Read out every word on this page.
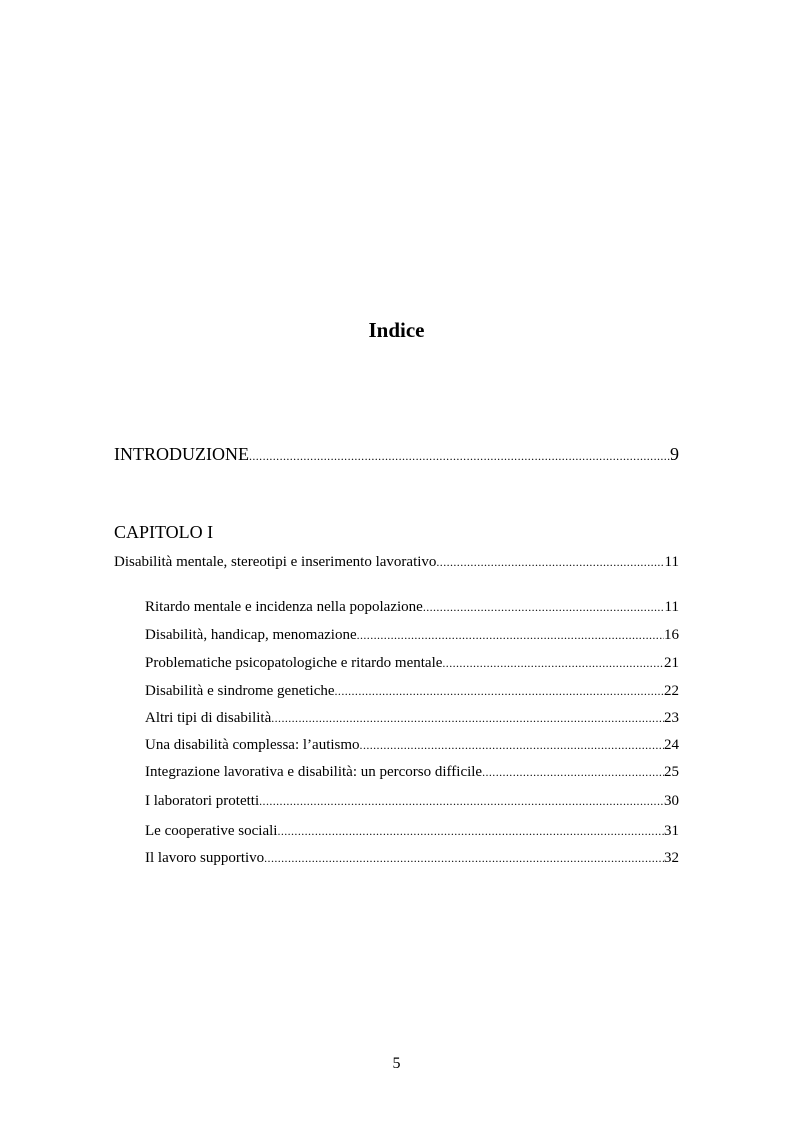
Indice
INTRODUZIONE .....	9
CAPITOLO I
Disabilità mentale, stereotipi e inserimento lavorativo .....	11
Ritardo mentale e incidenza nella popolazione .....	11
Disabilità, handicap, menomazione .....	16
Problematiche psicopatologiche e ritardo mentale .....	21
Disabilità e sindrome genetiche .....	22
Altri tipi di disabilità .....	23
Una disabilità complessa: l’autismo .....	24
Integrazione lavorativa e disabilità: un percorso difficile .....	25
I laboratori protetti .....	30
Le cooperative sociali .....	31
Il lavoro supportivo .....	32
5
